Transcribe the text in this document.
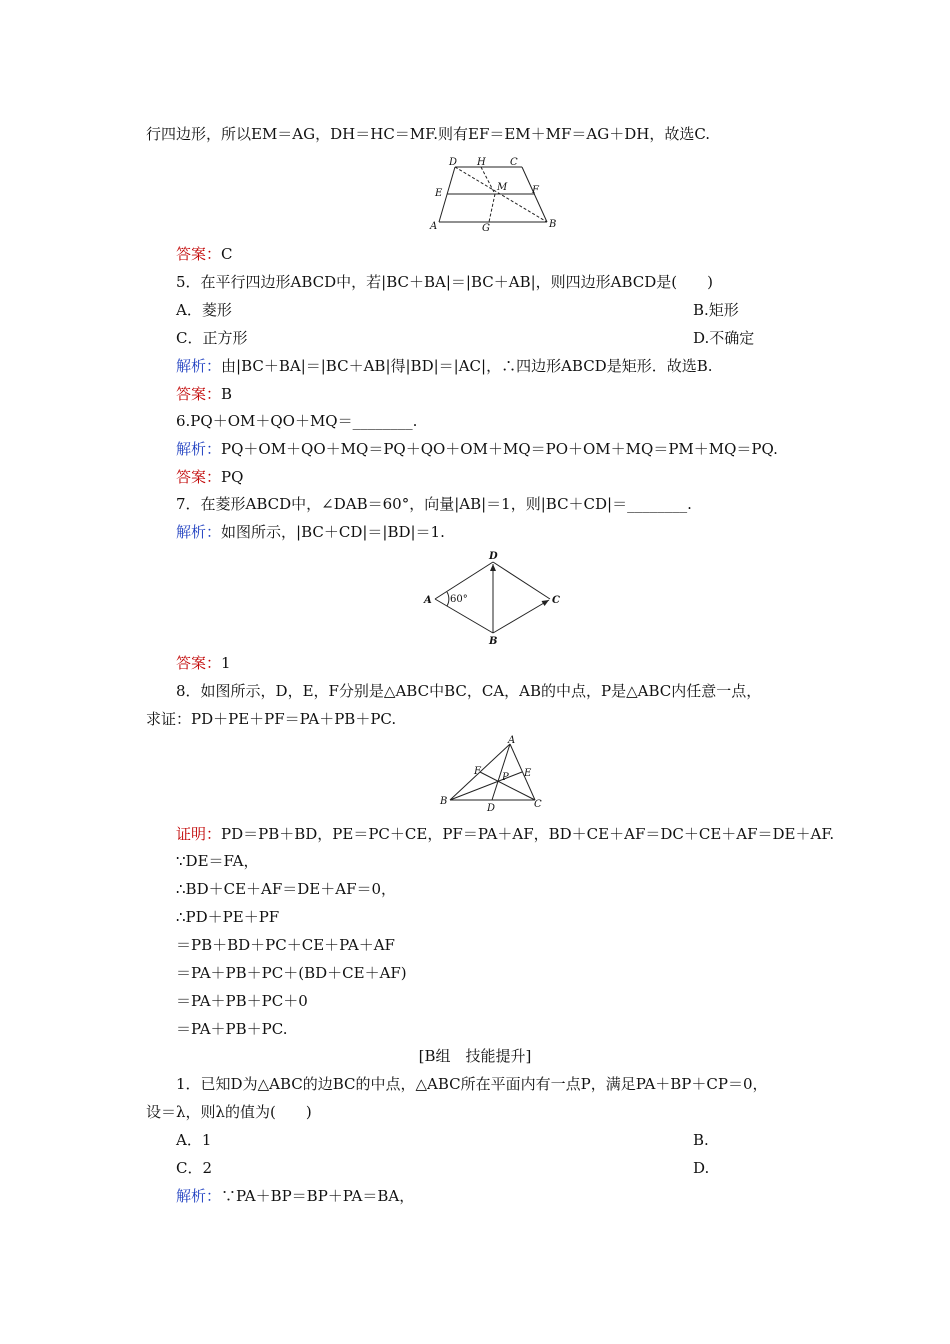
行四边形，所以EM＝AG，DH＝HC＝MF.则有EF＝EM＋MF＝AG＋DH，故选C.
D H C
E
M F
A	G	B
答案：C
5．在平行四边形ABCD中，若|BC＋BA|＝|BC＋AB|，则四边形ABCD是(　　)
A．菱形	B.矩形
C．正方形	D.不确定
解析：由|BC＋BA|＝|BC＋AB|得|BD|＝|AC|，∴四边形ABCD是矩形．故选B.
答案：B
6.PQ＋OM＋QO＋MQ＝________.
解析：PQ＋OM＋QO＋MQ＝PQ＋QO＋OM＋MQ＝PO＋OM＋MQ＝PM＋MQ＝PQ.
答案：PQ
7．在菱形ABCD中，∠DAB＝60°，向量|AB|＝1，则|BC＋CD|＝________.
解析：如图所示，|BC＋CD|＝|BD|＝1.
D
A	C
B
60°
答案：1
8．如图所示，D，E，F分别是△ABC中BC，CA，AB的中点，P是△ABC内任意一点，
求证：PD＋PE＋PF＝PA＋PB＋PC.
A
F
P E
B
D	C
证明：PD＝PB＋BD，PE＝PC＋CE，PF＝PA＋AF，BD＋CE＋AF＝DC＋CE＋AF＝DE＋AF.
∵DE＝FA，
∴BD＋CE＋AF＝DE＋AF＝0，
∴PD＋PE＋PF
＝PB＋BD＋PC＋CE＋PA＋AF
＝PA＋PB＋PC＋(BD＋CE＋AF)
＝PA＋PB＋PC＋0
＝PA＋PB＋PC.
[B组　技能提升]
1．已知D为△ABC的边BC的中点，△ABC所在平面内有一点P，满足PA＋BP＋CP＝0，
设＝λ，则λ的值为(　　)
A．1	B.
C．2	D.
解析：∵PA＋BP＝BP＋PA＝BA，
